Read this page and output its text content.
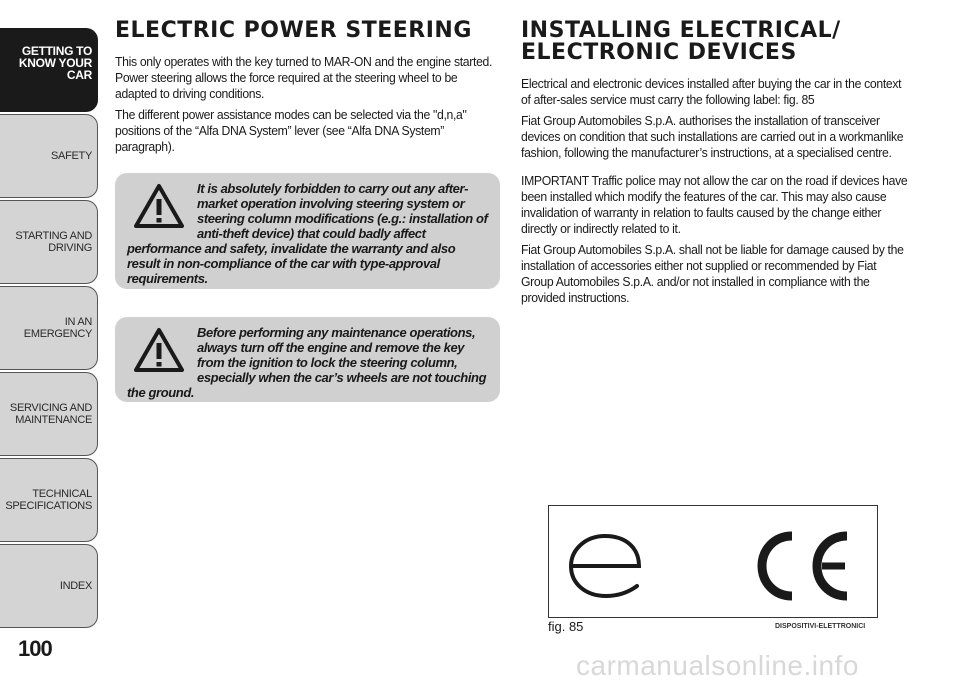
GETTING TO
KNOW YOUR CAR
SAFETY
STARTING AND
DRIVING
IN AN EMERGENCY
SERVICING AND
MAINTENANCE
TECHNICAL
SPECIFICATIONS
INDEX
100
ELECTRIC POWER STEERING

This only operates with the key turned to MAR-ON and the engine started. Power steering allows the force required at the steering wheel to be adapted to driving conditions.

The different power assistance modes can be selected via the "d,n,a" positions of the “Alfa DNA System” lever (see “Alfa DNA System” paragraph).

It is absolutely forbidden to carry out any after-market operation involving steering system or steering column modifications (e.g.: installation of anti-theft device) that could badly affect performance and safety, invalidate the warranty and also result in non-compliance of the car with type-approval requirements.
Before performing any maintenance operations, always turn off the engine and remove the key from the ignition to lock the steering column, especially when the car’s wheels are not touching the ground.
INSTALLING ELECTRICAL/
ELECTRONIC DEVICES

Electrical and electronic devices installed after buying the car in the context of after-sales service must carry the following label: fig. 85

Fiat Group Automobiles S.p.A. authorises the installation of transceiver devices on condition that such installations are carried out in a workmanlike fashion, following the manufacturer’s instructions, at a specialised centre.

IMPORTANT Traffic police may not allow the car on the road if devices have been installed which modify the features of the car. This may also cause invalidation of warranty in relation to faults caused by the change either directly or indirectly related to it.

Fiat Group Automobiles S.p.A. shall not be liable for damage caused by the installation of accessories either not supplied or recommended by Fiat Group Automobiles S.p.A. and/or not installed in compliance with the provided instructions.

fig. 85	DISPOSITIVI-ELETTRONICI
carmanualsonline.info
